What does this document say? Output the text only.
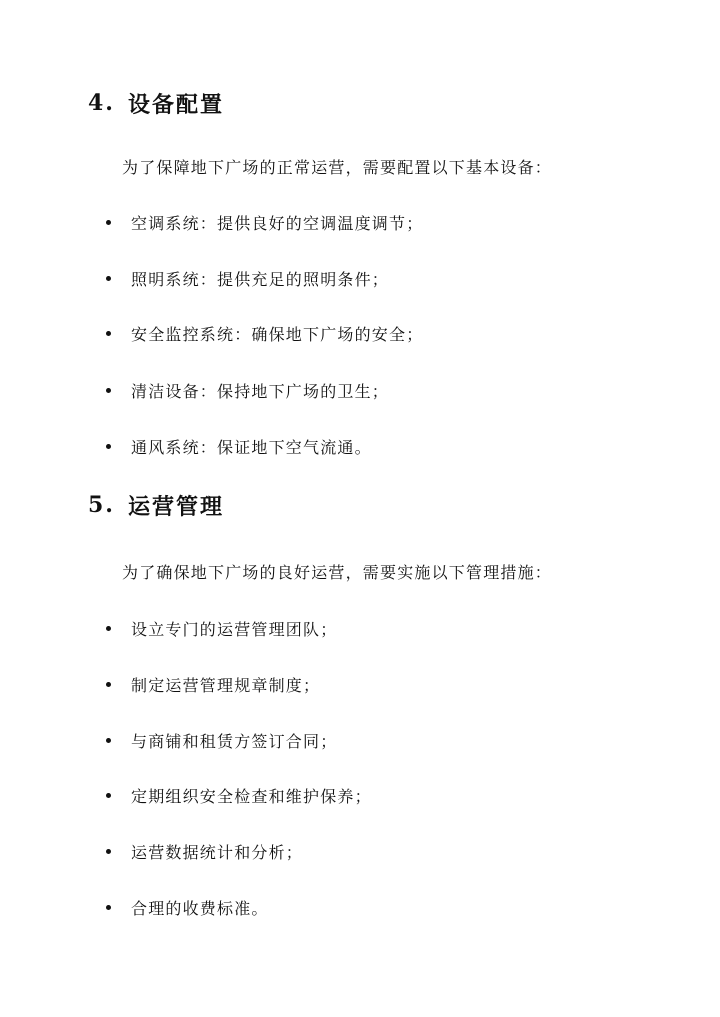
4. 设备配置
为了保障地下广场的正常运营，需要配置以下基本设备：
空调系统：提供良好的空调温度调节；
照明系统：提供充足的照明条件；
安全监控系统：确保地下广场的安全；
清洁设备：保持地下广场的卫生；
通风系统：保证地下空气流通。
5. 运营管理
为了确保地下广场的良好运营，需要实施以下管理措施：
设立专门的运营管理团队；
制定运营管理规章制度；
与商铺和租赁方签订合同；
定期组织安全检查和维护保养；
运营数据统计和分析；
合理的收费标准。
